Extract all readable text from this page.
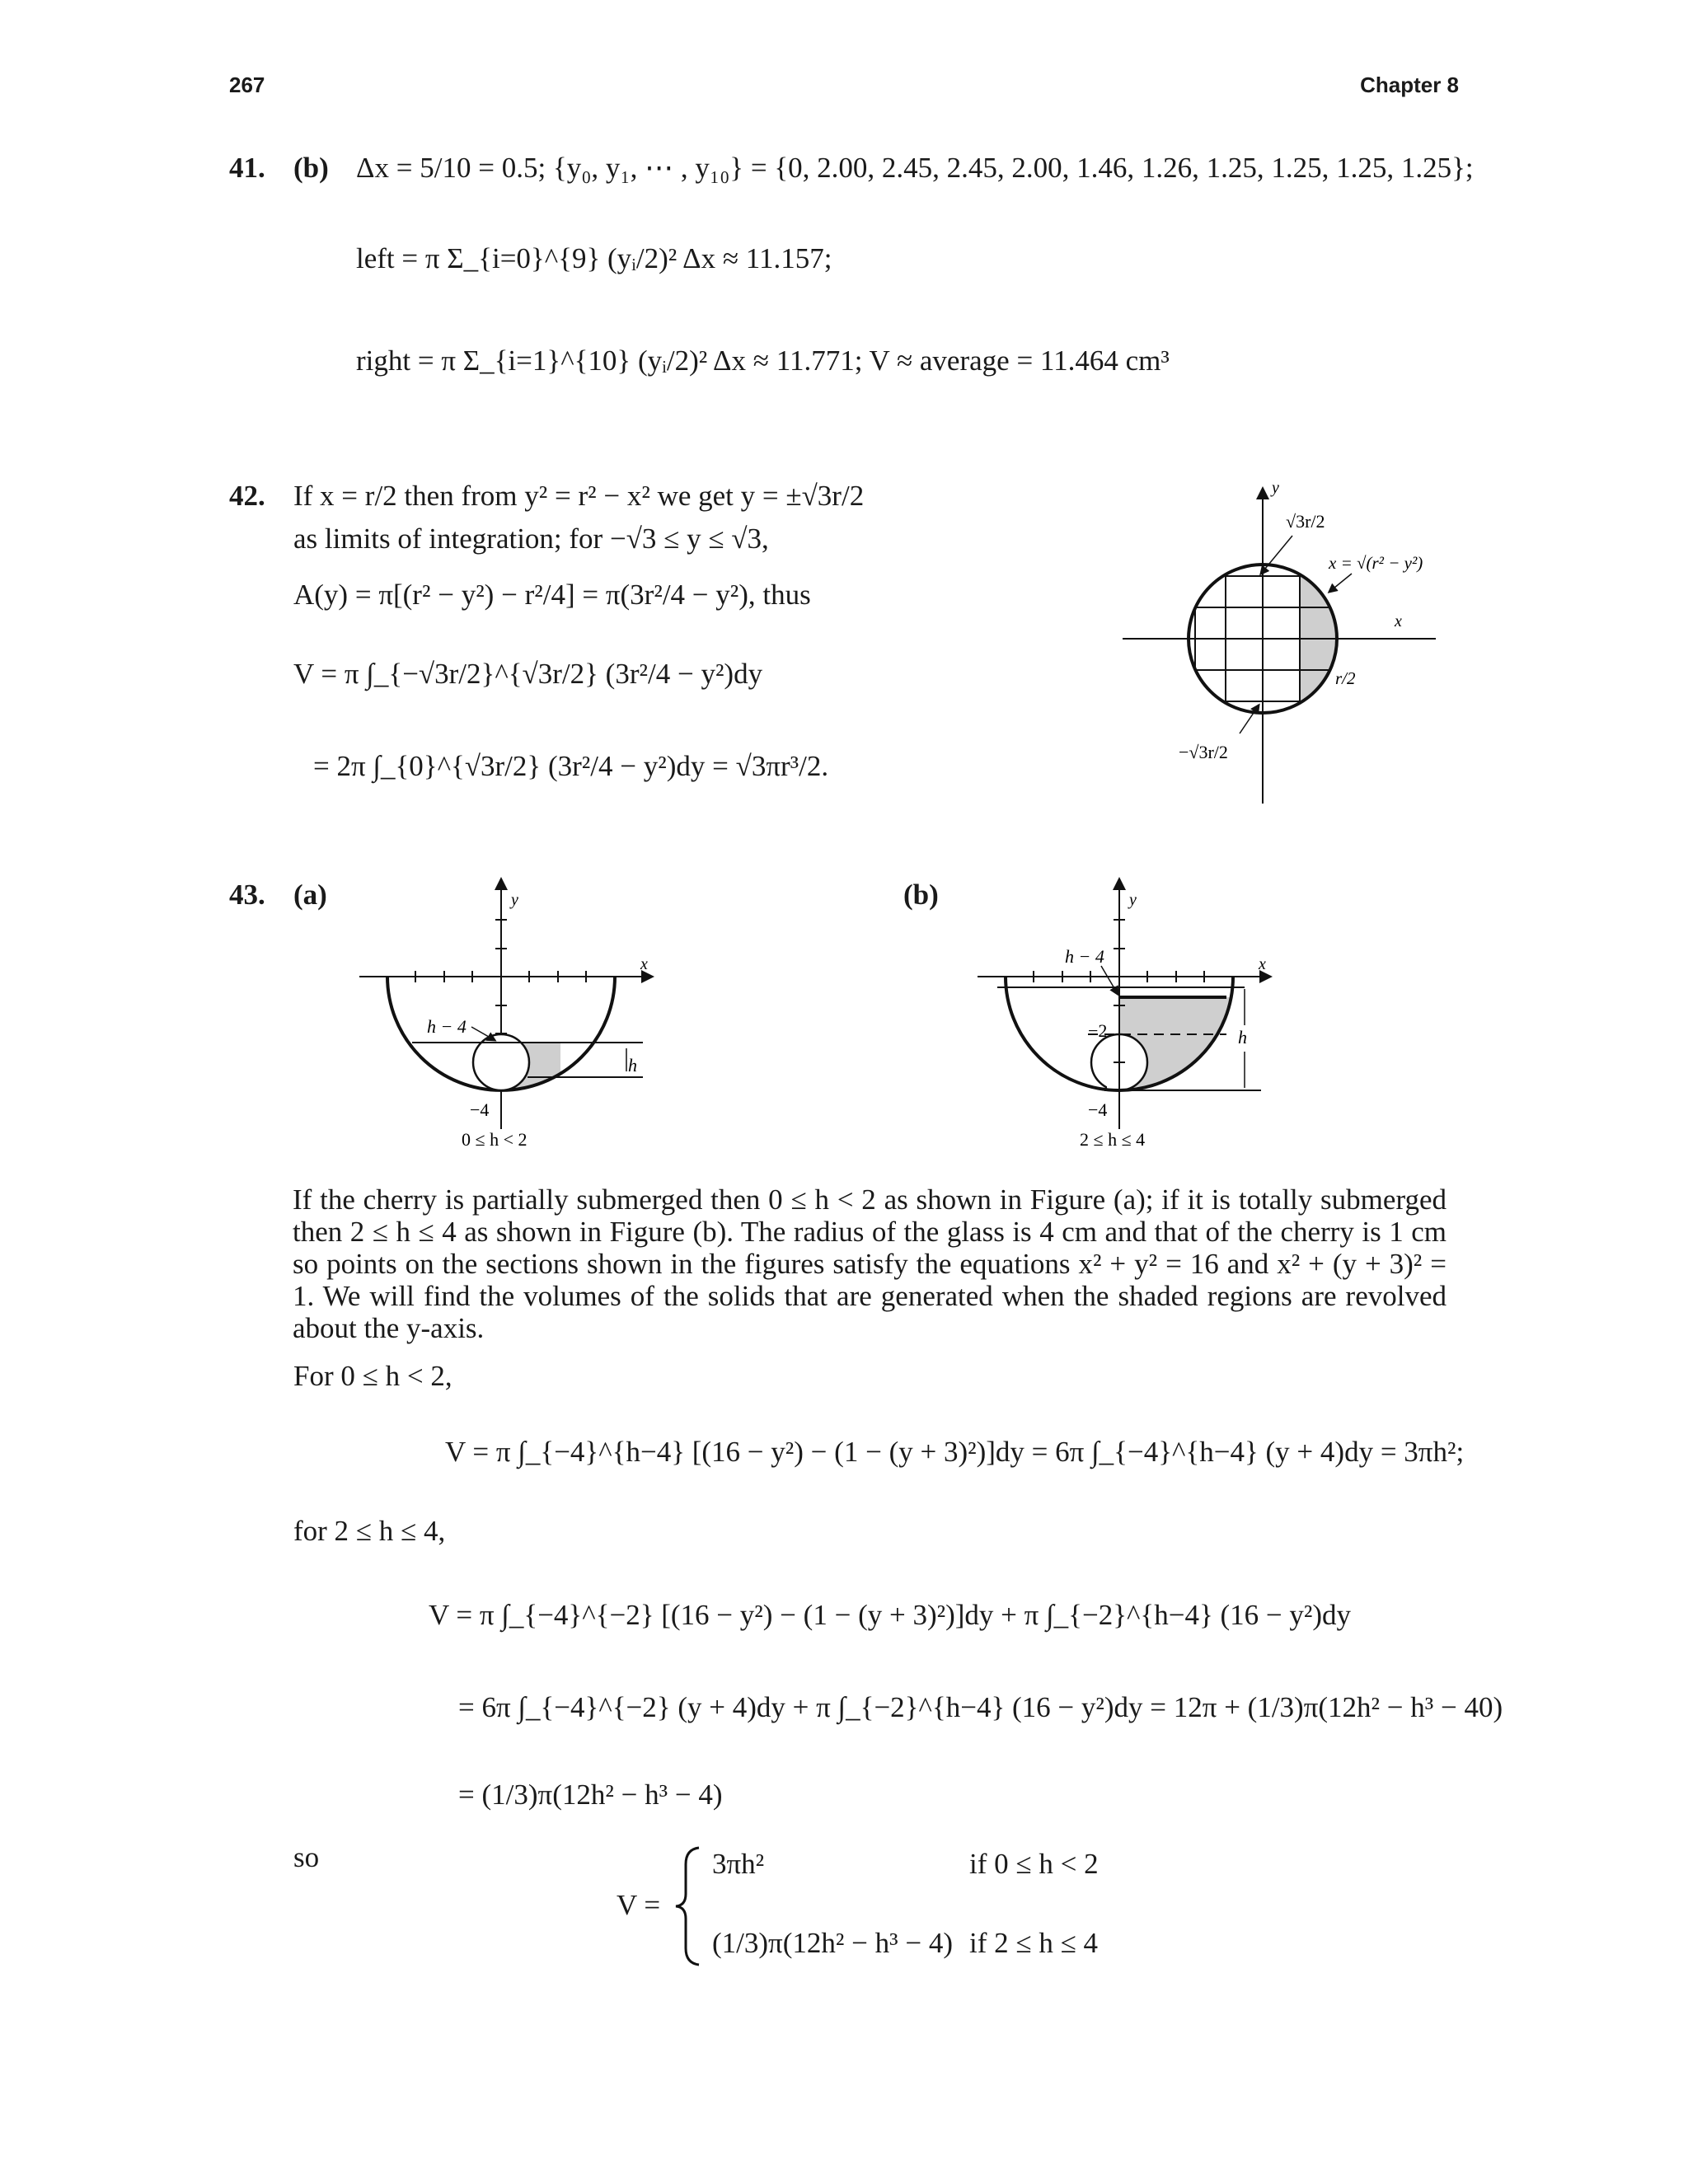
267	Chapter 8
41. (b) Δx = 5/10 = 0.5; {y₀, y₁, ⋯ , y₁₀} = {0, 2.00, 2.45, 2.45, 2.00, 1.46, 1.26, 1.25, 1.25, 1.25, 1.25};
left = π Σ_{i=0}^{9} (yᵢ/2)² Δx ≈ 11.157;
right = π Σ_{i=1}^{10} (yᵢ/2)² Δx ≈ 11.771; V ≈ average = 11.464 cm³
42. If x = r/2 then from y² = r² − x² we get y = ±√3r/2
as limits of integration; for −√3 ≤ y ≤ √3,
A(y) = π[(r² − y²) − r²/4] = π(3r²/4 − y²), thus
V = π ∫_{−√3r/2}^{√3r/2} (3r²/4 − y²)dy
= 2π ∫_{0}^{√3r/2} (3r²/4 − y²)dy = √3πr³/2.
y
x
√3r/2
x = √(r² − y²)
r/2
−√3r/2
43. (a)	(b)
h
h − 4
y
x
−4
0 ≤ h < 2
h
h − 4
−2
y
x
−4
2 ≤ h ≤ 4
If the cherry is partially submerged then 0 ≤ h < 2 as shown in Figure (a); if it is totally submerged then 2 ≤ h ≤ 4 as shown in Figure (b). The radius of the glass is 4 cm and that of the cherry is 1 cm so points on the sections shown in the figures satisfy the equations x² + y² = 16 and x² + (y + 3)² = 1. We will find the volumes of the solids that are generated when the shaded regions are revolved about the y-axis.
For 0 ≤ h < 2,
V = π ∫_{−4}^{h−4} [(16 − y²) − (1 − (y + 3)²)]dy = 6π ∫_{−4}^{h−4} (y + 4)dy = 3πh²;
for 2 ≤ h ≤ 4,
V = π ∫_{−4}^{−2} [(16 − y²) − (1 − (y + 3)²)]dy + π ∫_{−2}^{h−4} (16 − y²)dy
= 6π ∫_{−4}^{−2} (y + 4)dy + π ∫_{−2}^{h−4} (16 − y²)dy = 12π + (1/3)π(12h² − h³ − 40)
= (1/3)π(12h² − h³ − 4)
so
V =
3πh²	if 0 ≤ h < 2
(1/3)π(12h² − h³ − 4) if 2 ≤ h ≤ 4
